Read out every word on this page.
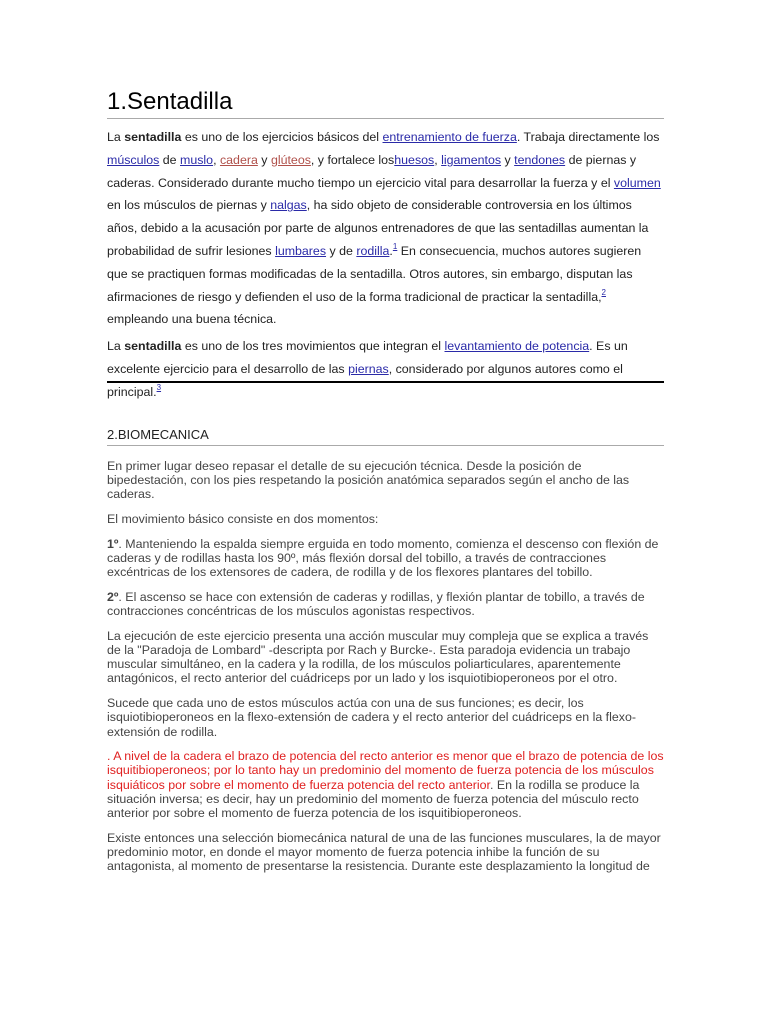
1.Sentadilla

La sentadilla es uno de los ejercicios básicos del entrenamiento de fuerza. Trabaja directamente los músculos de muslo, cadera y glúteos, y fortalece loshuesos, ligamentos y tendones de piernas y caderas. Considerado durante mucho tiempo un ejercicio vital para desarrollar la fuerza y el volumen en los músculos de piernas y nalgas, ha sido objeto de considerable controversia en los últimos años, debido a la acusación por parte de algunos entrenadores de que las sentadillas aumentan la probabilidad de sufrir lesiones lumbares y de rodilla.$^1$ En consecuencia, muchos autores sugieren que se practiquen formas modificadas de la sentadilla. Otros autores, sin embargo, disputan las afirmaciones de riesgo y defienden el uso de la forma tradicional de practicar la sentadilla,$^2$ empleando una buena técnica.

La sentadilla es uno de los tres movimientos que integran el levantamiento de potencia. Es un excelente ejercicio para el desarrollo de las piernas, considerado por algunos autores como el principal.$^3$

2.BIOMECANICA

En primer lugar deseo repasar el detalle de su ejecución técnica. Desde la posición de bipedestación, con los pies respetando la posición anatómica separados según el ancho de las caderas.

El movimiento básico consiste en dos momentos:

1º. Manteniendo la espalda siempre erguida en todo momento, comienza el descenso con flexión de caderas y de rodillas hasta los 90º, más flexión dorsal del tobillo, a través de contracciones excéntricas de los extensores de cadera, de rodilla y de los flexores plantares del tobillo.

2º. El ascenso se hace con extensión de caderas y rodillas, y flexión plantar de tobillo, a través de contracciones concéntricas de los músculos agonistas respectivos.

La ejecución de este ejercicio presenta una acción muscular muy compleja que se explica a través de la "Paradoja de Lombard" -descripta por Rach y Burcke-. Esta paradoja evidencia un trabajo muscular simultáneo, en la cadera y la rodilla, de los músculos poliarticulares, aparentemente antagónicos, el recto anterior del cuádriceps por un lado y los isquiotibioperoneos por el otro.

Sucede que cada uno de estos músculos actúa con una de sus funciones; es decir, los isquiotibioperoneos en la flexo-extensión de cadera y el recto anterior del cuádriceps en la flexo-extensión de rodilla.

. A nivel de la cadera el brazo de potencia del recto anterior es menor que el brazo de potencia de los isquitibioperoneos; por lo tanto hay un predominio del momento de fuerza potencia de los músculos isquiáticos por sobre el momento de fuerza potencia del recto anterior. En la rodilla se produce la situación inversa; es decir, hay un predominio del momento de fuerza potencia del músculo recto anterior por sobre el momento de fuerza potencia de los isquitibioperoneos.

Existe entonces una selección biomecánica natural de una de las funciones musculares, la de mayor predominio motor, en donde el mayor momento de fuerza potencia inhibe la función de su antagonista, al momento de presentarse la resistencia. Durante este desplazamiento la longitud de
